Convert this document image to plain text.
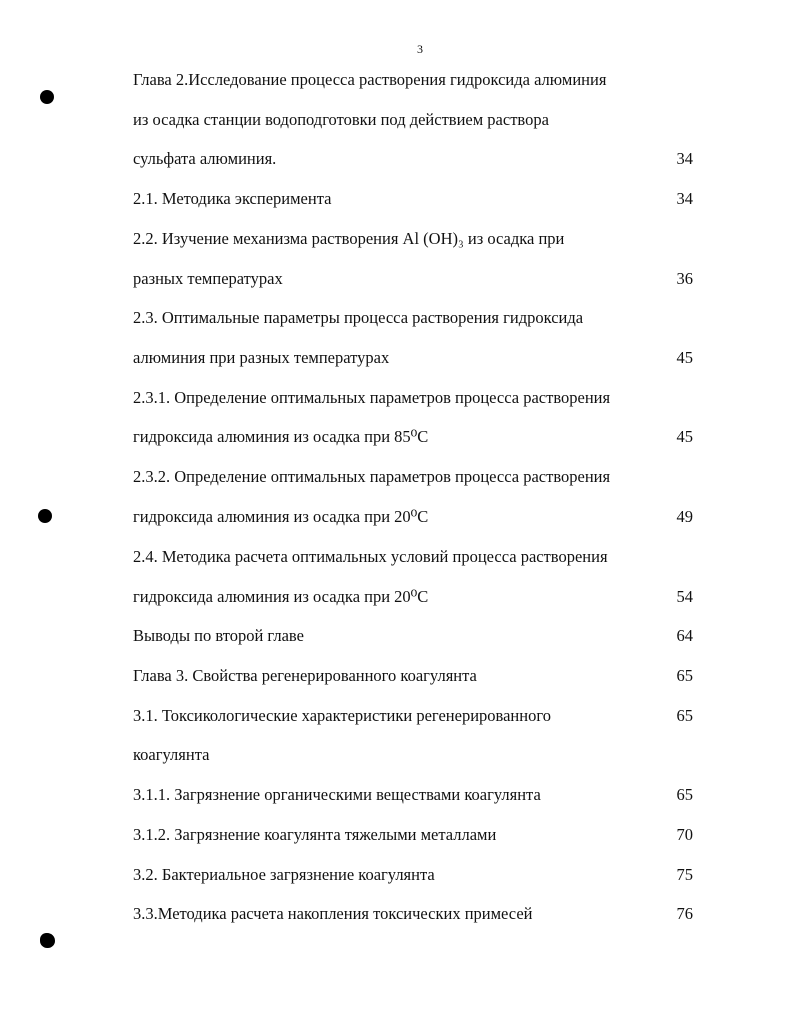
3
Глава 2.Исследование процесса растворения гидроксида алюминия
из осадка станции водоподготовки под действием раствора
сульфата алюминия.	34
2.1. Методика эксперимента	34
2.2. Изучение механизма растворения Al (OH)₃ из осадка при
разных температурах	36
2.3. Оптимальные параметры процесса растворения гидроксида
алюминия при разных температурах	45
2.3.1. Определение оптимальных параметров процесса растворения
гидроксида алюминия из осадка при 85⁰С	45
2.3.2. Определение оптимальных параметров процесса растворения
гидроксида алюминия из осадка при 20⁰С	49
2.4. Методика расчета оптимальных условий процесса растворения
гидроксида алюминия из осадка при 20⁰С	54
Выводы по второй главе	64
Глава 3. Свойства регенерированного коагулянта	65
3.1. Токсикологические характеристики регенерированного	65
коагулянта
3.1.1. Загрязнение органическими веществами коагулянта	65
3.1.2. Загрязнение коагулянта тяжелыми металлами	70
3.2. Бактериальное загрязнение коагулянта	75
3.3.Методика расчета накопления токсических примесей	76
